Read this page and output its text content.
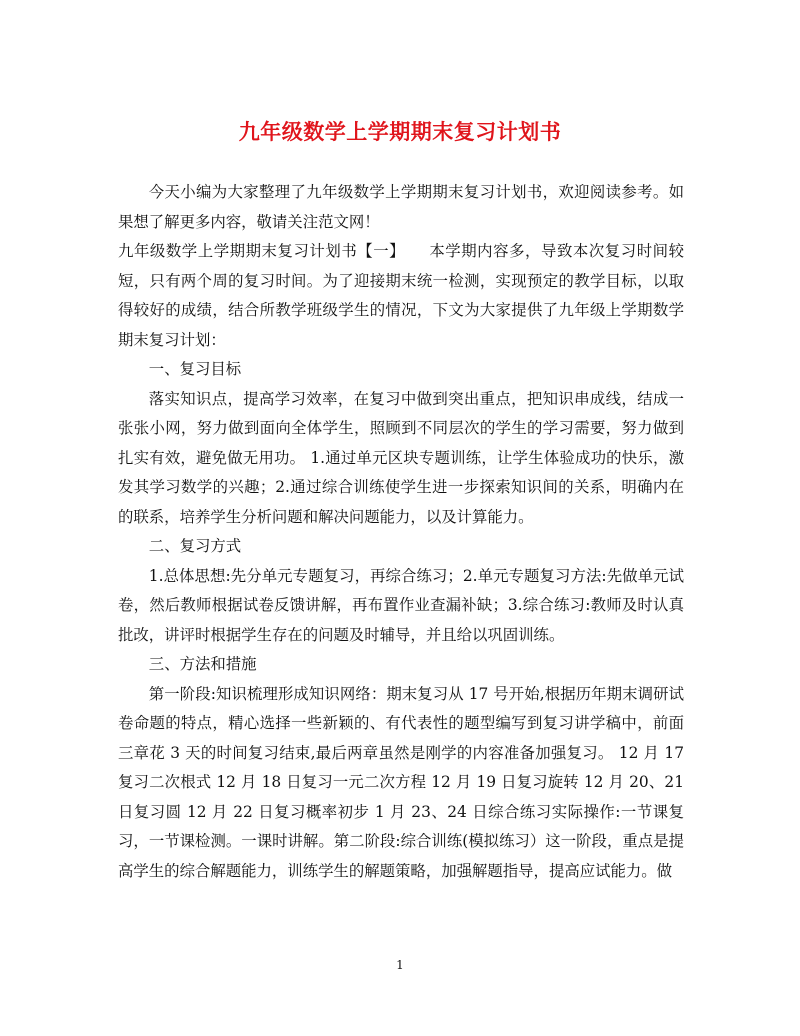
九年级数学上学期期末复习计划书

今天小编为大家整理了九年级数学上学期期末复习计划书，欢迎阅读参考。如果想了解更多内容，敬请关注范文网！

九年级数学上学期期末复习计划书【一】　　本学期内容多，导致本次复习时间较短，只有两个周的复习时间。为了迎接期末统一检测，实现预定的教学目标，以取得较好的成绩，结合所教学班级学生的情况，下文为大家提供了九年级上学期数学期末复习计划：

一、复习目标

落实知识点，提高学习效率，在复习中做到突出重点，把知识串成线，结成一张张小网，努力做到面向全体学生，照顾到不同层次的学生的学习需要，努力做到扎实有效，避免做无用功。 1.通过单元区块专题训练，让学生体验成功的快乐，激发其学习数学的兴趣；2.通过综合训练使学生进一步探索知识间的关系，明确内在的联系，培养学生分析问题和解决问题能力，以及计算能力。

二、复习方式

1.总体思想:先分单元专题复习，再综合练习；2.单元专题复习方法:先做单元试卷，然后教师根据试卷反馈讲解，再布置作业查漏补缺；3.综合练习:教师及时认真批改，讲评时根据学生存在的问题及时辅导，并且给以巩固训练。

三、方法和措施

第一阶段:知识梳理形成知识网络：期末复习从 17 号开始,根据历年期末调研试卷命题的特点，精心选择一些新颖的、有代表性的题型编写到复习讲学稿中，前面三章花 3 天的时间复习结束,最后两章虽然是刚学的内容准备加强复习。 12 月 17 复习二次根式 12 月 18 日复习一元二次方程 12 月 19 日复习旋转 12 月 20、21 日复习圆 12 月 22 日复习概率初步 1 月 23、24 日综合练习实际操作:一节课复习，一节课检测。一课时讲解。第二阶段:综合训练(模拟练习）这一阶段，重点是提高学生的综合解题能力，训练学生的解题策略，加强解题指导，提高应试能力。做

1
